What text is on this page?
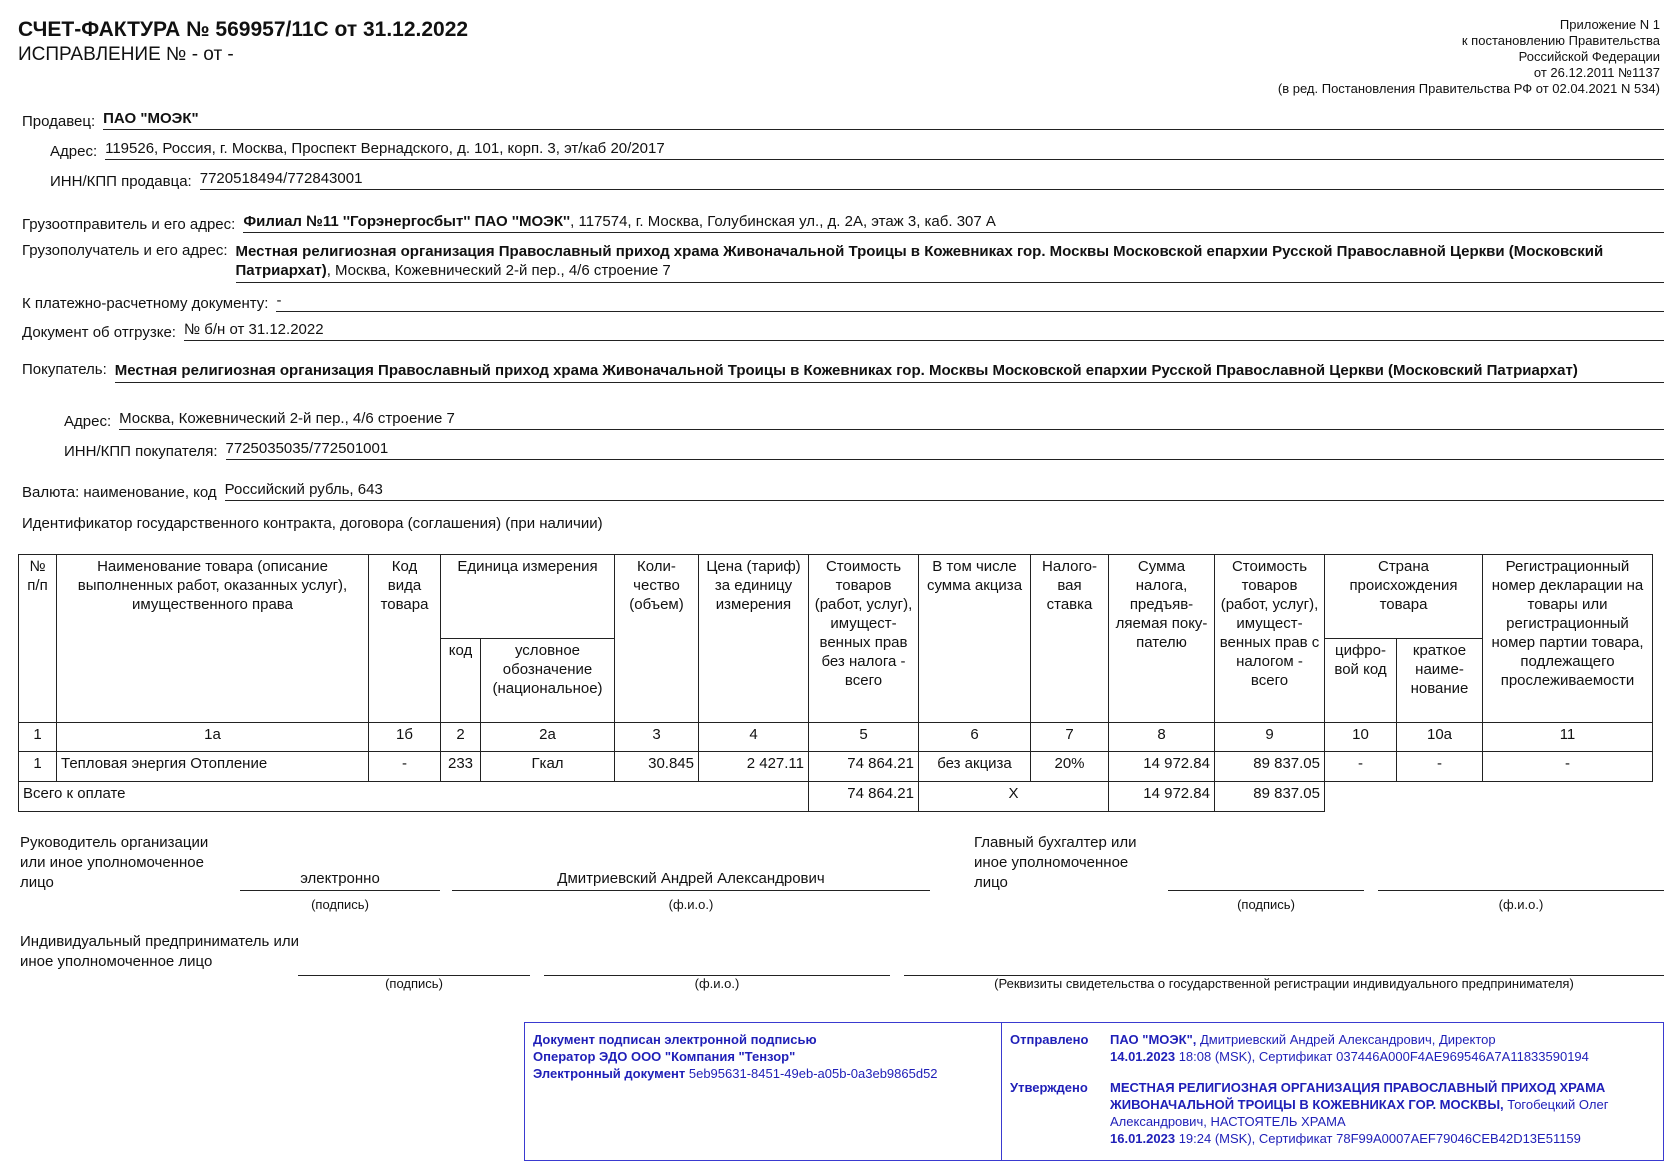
СЧЕТ-ФАКТУРА № 569957/11С от 31.12.2022
ИСПРАВЛЕНИЕ № - от -
Приложение N 1
к постановлению Правительства
Российской Федерации
от 26.12.2011 №1137
(в ред. Постановления Правительства РФ от 02.04.2021 N 534)
Продавец: ПАО "МОЭК"
Адрес: 119526, Россия, г. Москва, Проспект Вернадского, д. 101, корп. 3, эт/каб 20/2017
ИНН/КПП продавца: 7720518494/772843001
Грузоотправитель и его адрес: Филиал №11 ''Горэнергосбыт'' ПАО ''МОЭК'', 117574, г. Москва, Голубинская ул., д. 2А, этаж 3, каб. 307 А
Грузополучатель и его адрес: Местная религиозная организация Православный приход храма Живоначальной Троицы в Кожевниках гор. Москвы Московской епархии Русской Православной Церкви (Московский Патриархат), Москва, Кожевнический 2-й пер., 4/6 строение 7
К платежно-расчетному документу: -
Документ об отгрузке: № б/н от 31.12.2022
Покупатель: Местная религиозная организация Православный приход храма Живоначальной Троицы в Кожевниках гор. Москвы Московской епархии Русской Православной Церкви (Московский Патриархат)
Адрес: Москва, Кожевнический 2-й пер., 4/6 строение 7
ИНН/КПП покупателя: 7725035035/772501001
Валюта: наименование, код Российский рубль, 643
Идентификатор государственного контракта, договора (соглашения) (при наличии)
№ п/п	Наименование товара (описание выполненных работ, оказанных услуг), имущественного права	Код вида товара	Единица измерения		Коли-чество (объем)	Цена (тариф) за единицу измерения	Стоимость товаров (работ, услуг), имущест-венных прав без налога - всего	В том числе сумма акциза	Налого-вая ставка	Сумма налога, предъяв-ляемая поку-пателю	Стоимость товаров (работ, услуг), имущест-венных прав с налогом - всего	Страна происхождения товара		Регистрационный номер декларации на товары или регистрационный номер партии товара, подлежащего прослеживаемости
			код	условное обозначение (национальное)								цифро-вой код	краткое наиме-нование	
1	1а	1б	2	2а	3	4	5	6	7	8	9	10	10а	11
1	Тепловая энергия Отопление	-	233	Гкал	30.845	2 427.11	74 864.21	без акциза	20%	14 972.84	89 837.05	-	-	-
Всего к оплате							74 864.21	X		14 972.84	89 837.05			
Руководитель организации или иное уполномоченное лицо	электронно	Дмитриевский Андрей Александрович
(подпись)	(ф.и.о.)
Главный бухгалтер или иное уполномоченное лицо
(подпись)	(ф.и.о.)
Индивидуальный предприниматель или иное уполномоченное лицо
(подпись)	(ф.и.о.)	(Реквизиты свидетельства о государственной регистрации индивидуального предпринимателя)
Документ подписан электронной подписью
Оператор ЭДО ООО "Компания "Тензор"
Электронный документ 5eb95631-8451-49eb-a05b-0a3eb9865d52
Отправлено	ПАО "МОЭК", Дмитриевский Андрей Александрович, Директор
14.01.2023 18:08 (MSK), Сертификат 037446A000F4AE969546A7A11833590194
Утверждено	МЕСТНАЯ РЕЛИГИОЗНАЯ ОРГАНИЗАЦИЯ ПРАВОСЛАВНЫЙ ПРИХОД ХРАМА ЖИВОНАЧАЛЬНОЙ ТРОИЦЫ В КОЖЕВНИКАХ ГОР. МОСКВЫ, Тогобецкий Олег Александрович, НАСТОЯТЕЛЬ ХРАМА
16.01.2023 19:24 (MSK), Сертификат 78F99A0007AEF79046CEB42D13E51159
